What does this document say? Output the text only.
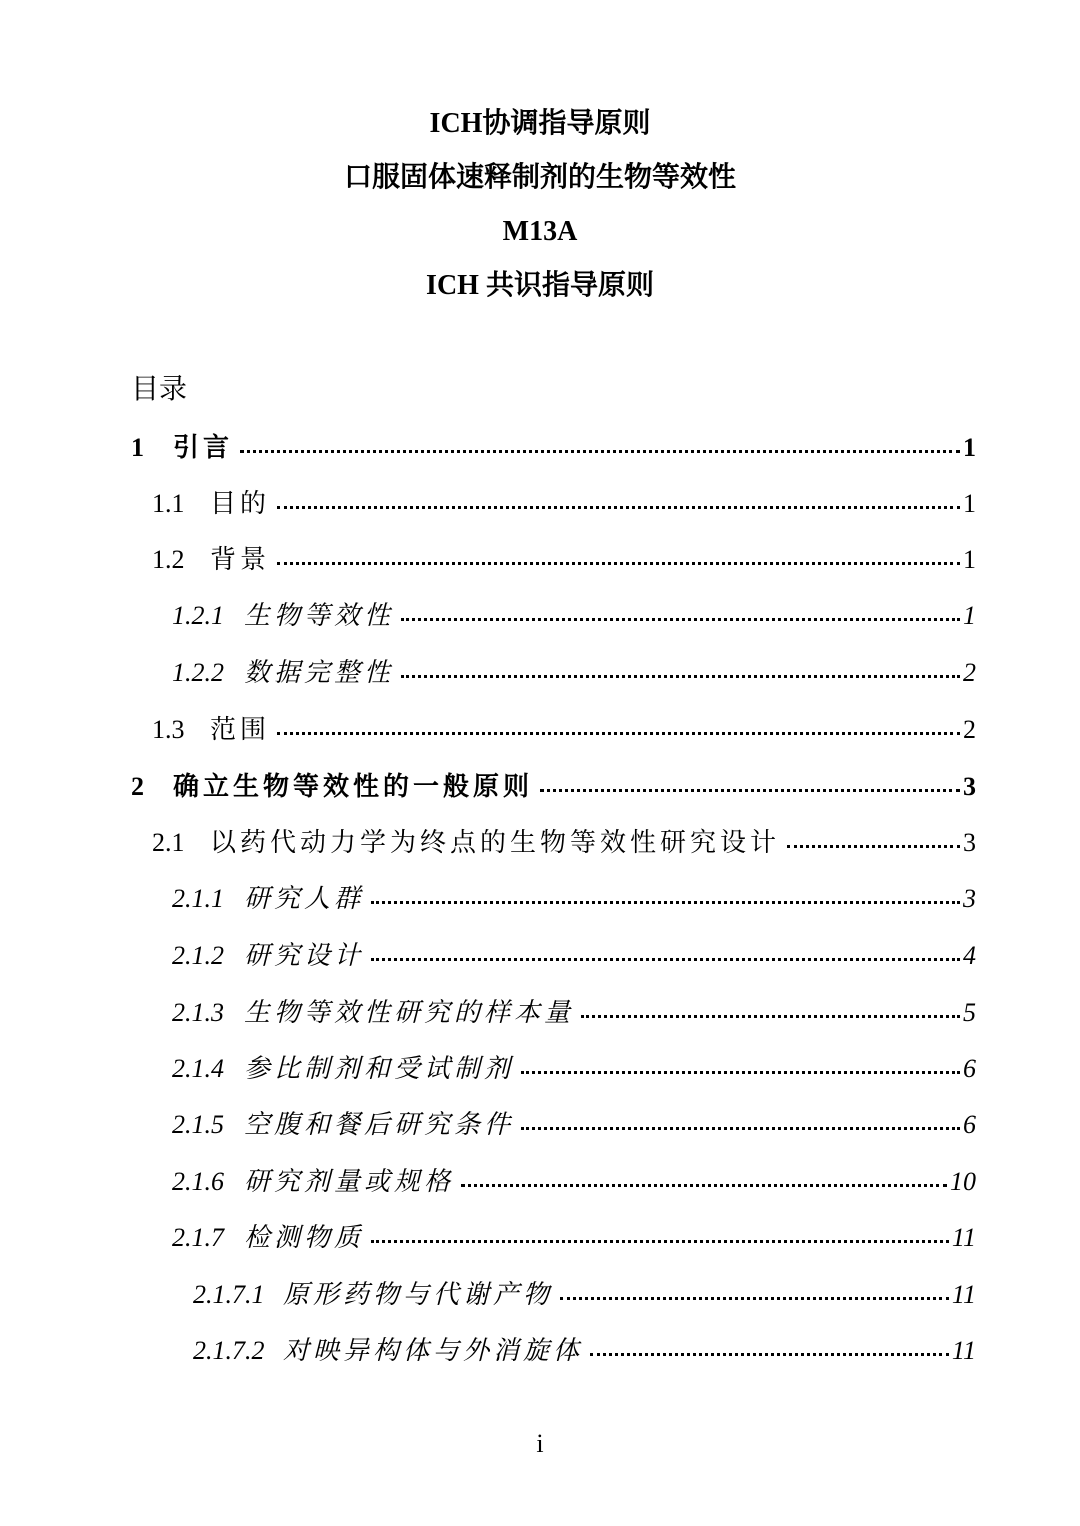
ICH协调指导原则
口服固体速释制剂的生物等效性
M13A
ICH 共识指导原则
目录
1	引言	1
1.1 目的	1
1.2 背景	1
1.2.1 生物等效性	1
1.2.2 数据完整性	2
1.3 范围	2
2	确立生物等效性的一般原则	3
2.1 以药代动力学为终点的生物等效性研究设计	3
2.1.1 研究人群	3
2.1.2 研究设计	4
2.1.3 生物等效性研究的样本量	5
2.1.4 参比制剂和受试制剂	6
2.1.5 空腹和餐后研究条件	6
2.1.6 研究剂量或规格	10
2.1.7 检测物质	11
2.1.7.1 原形药物与代谢产物	11
2.1.7.2 对映异构体与外消旋体	11
i
